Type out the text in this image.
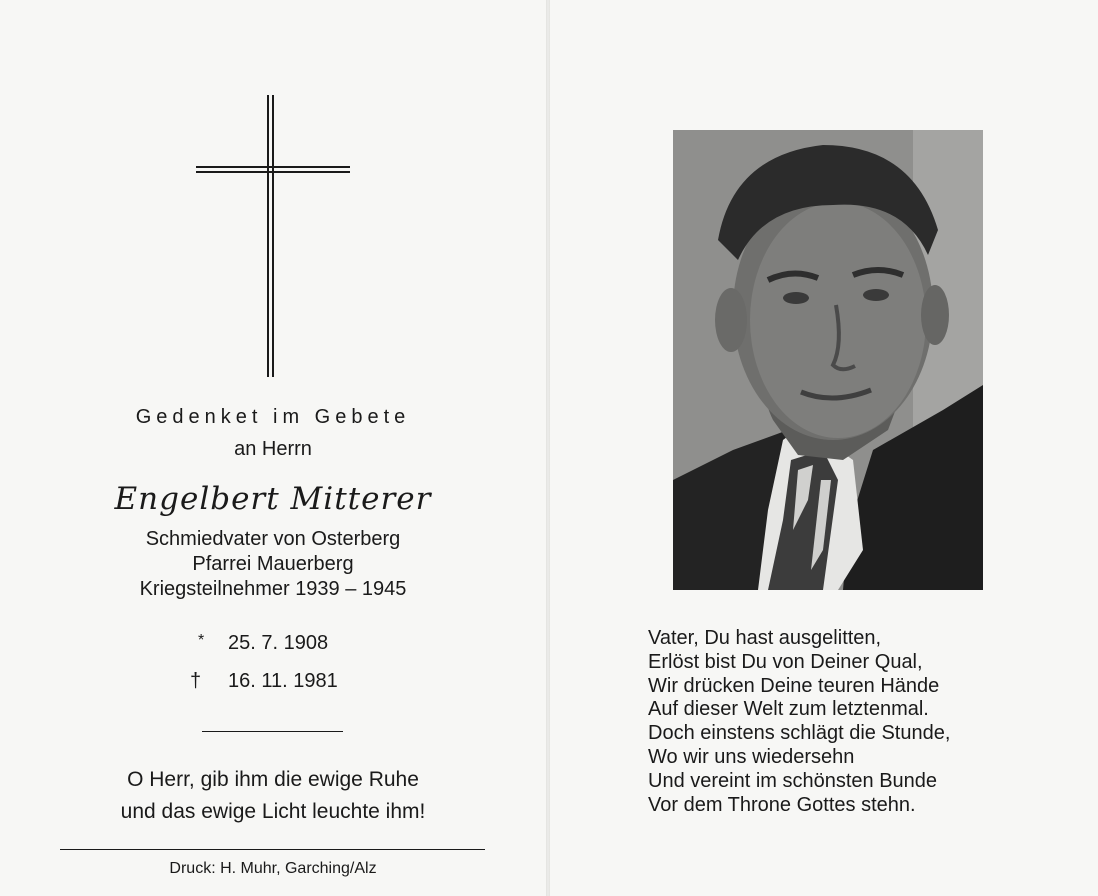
Gedenket im Gebete
an Herrn
Engelbert Mitterer
Schmiedvater von Osterberg
Pfarrei Mauerberg
Kriegsteilnehmer 1939 – 1945
* 25. 7. 1908
† 16. 11. 1981
O Herr, gib ihm die ewige Ruhe
und das ewige Licht leuchte ihm!
Druck: H. Muhr, Garching/Alz
Vater, Du hast ausgelitten,
Erlöst bist Du von Deiner Qual,
Wir drücken Deine teuren Hände
Auf dieser Welt zum letztenmal.
Doch einstens schlägt die Stunde,
Wo wir uns wiedersehn
Und vereint im schönsten Bunde
Vor dem Throne Gottes stehn.
